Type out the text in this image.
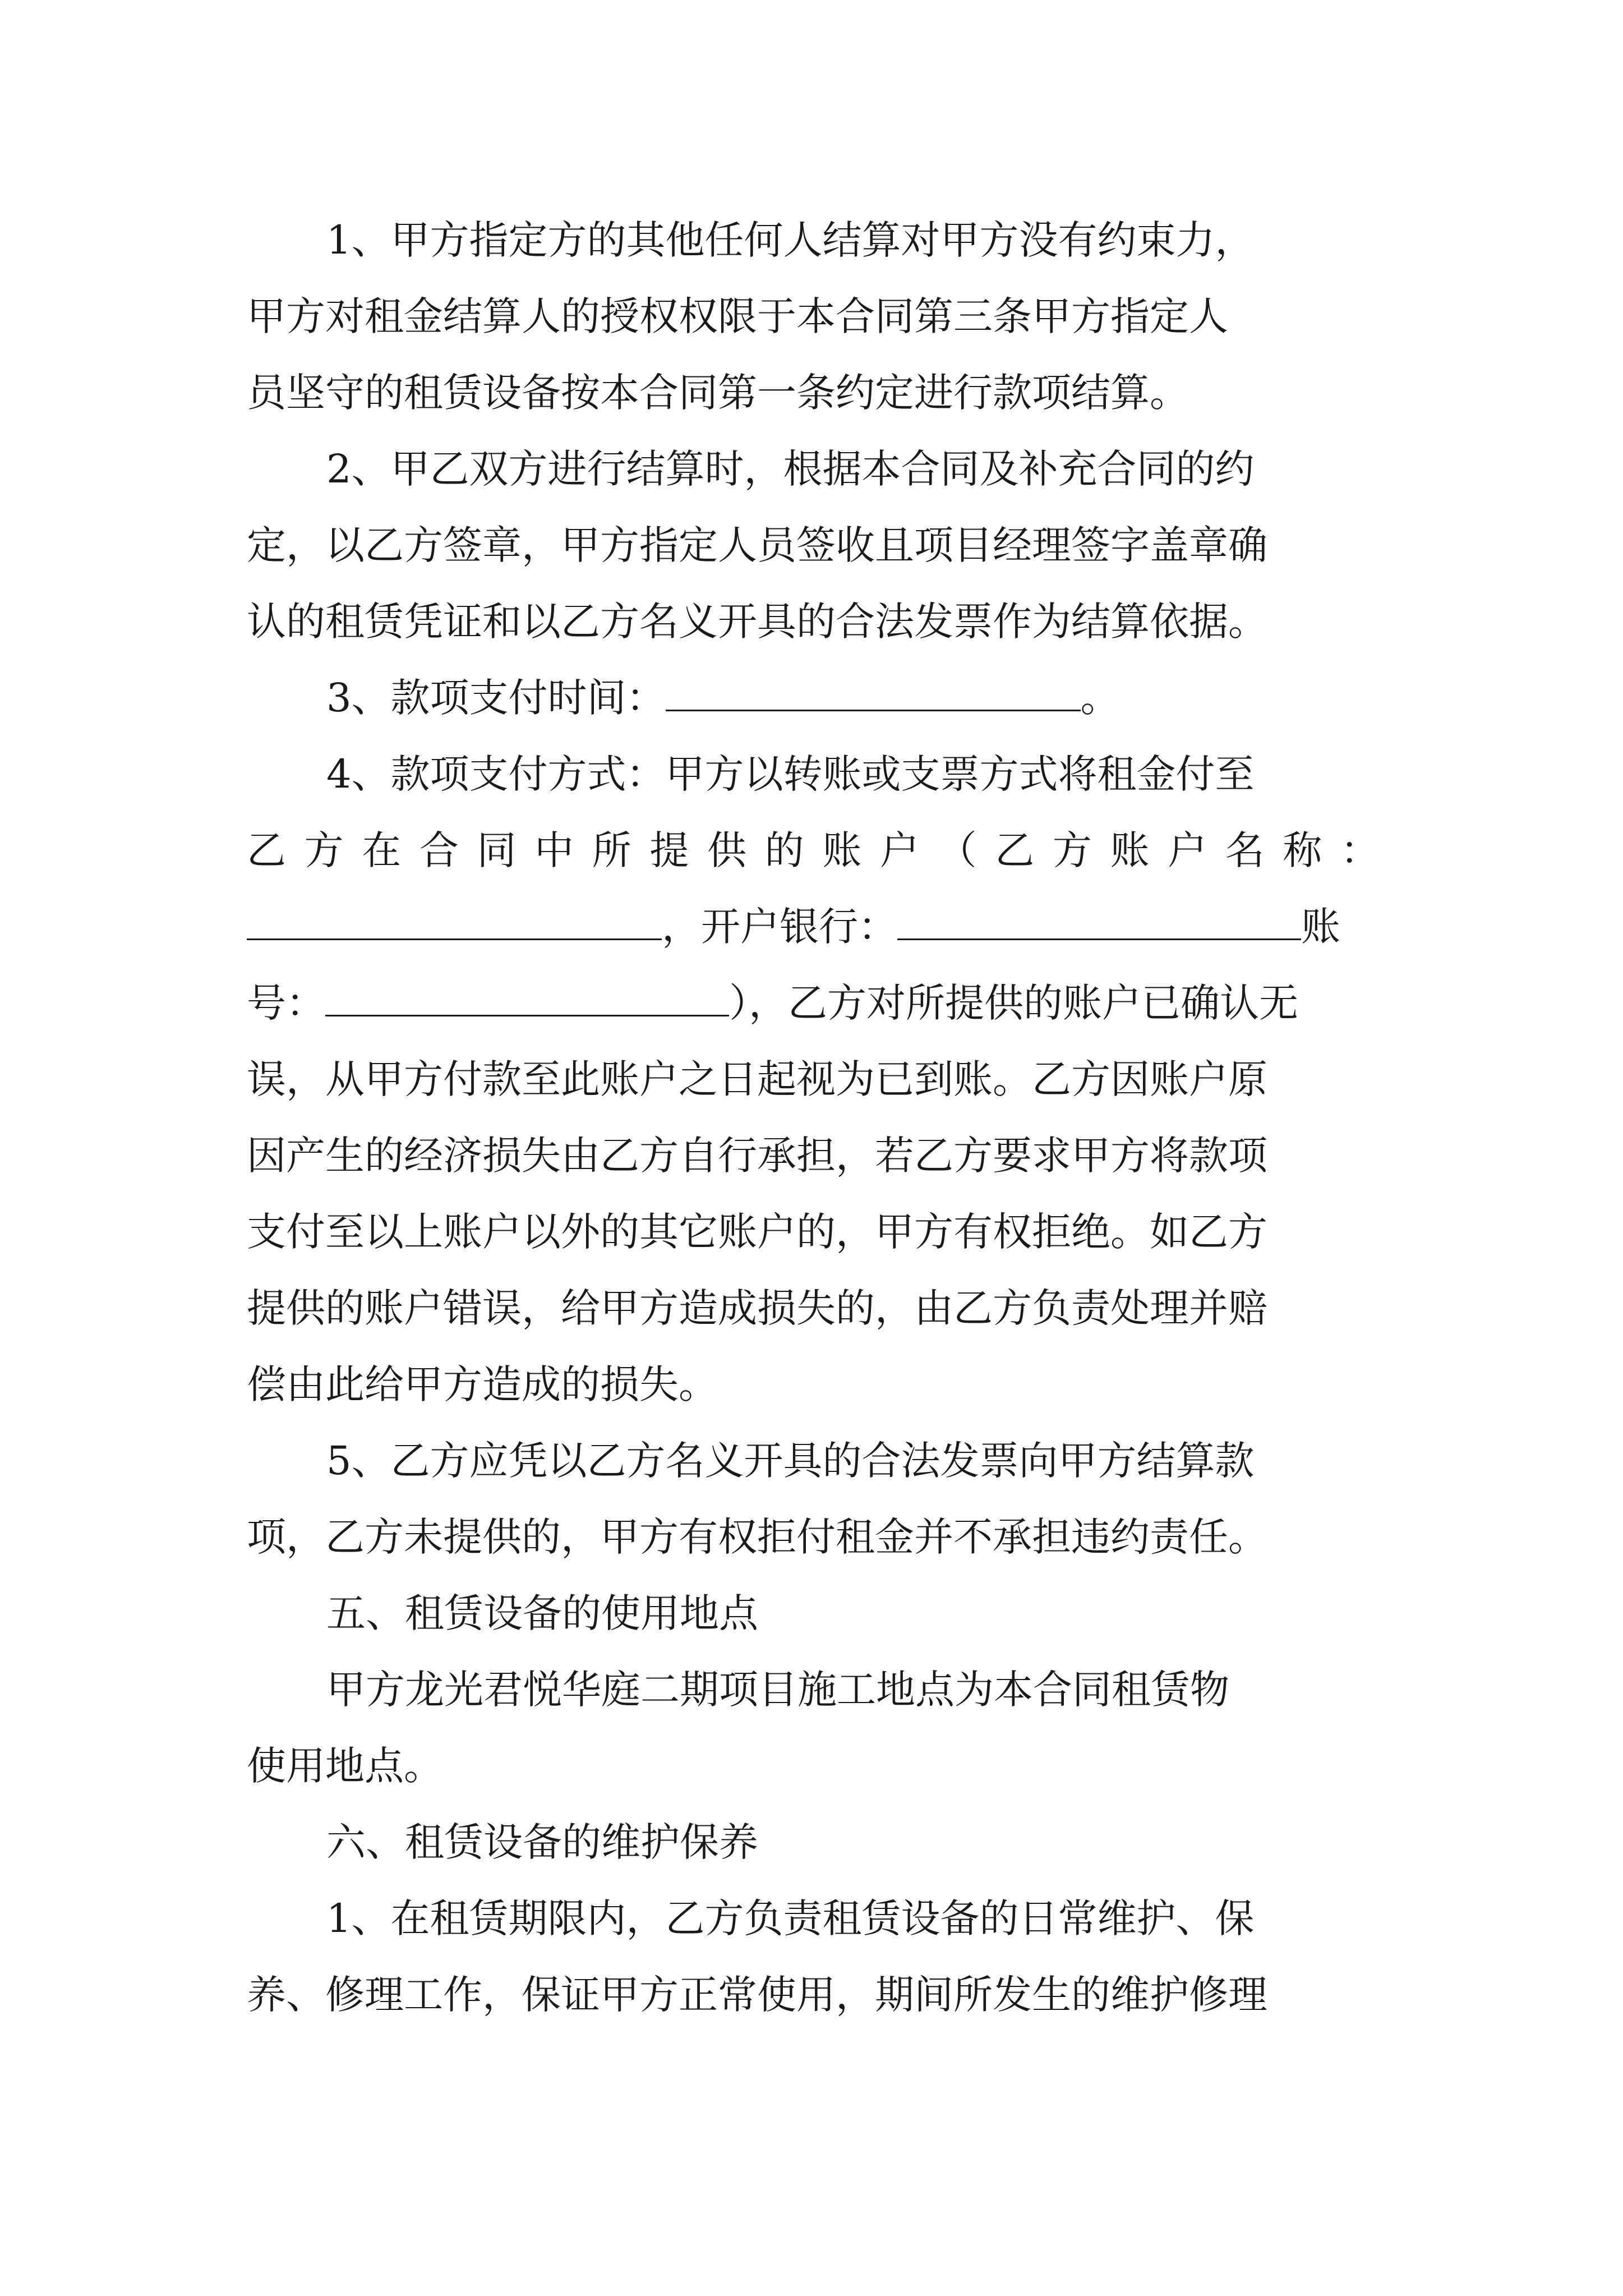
1、甲方指定方的其他任何人结算对甲方没有约束力，
甲方对租金结算人的授权权限于本合同第三条甲方指定人
员坚守的租赁设备按本合同第一条约定进行款项结算。
2、甲乙双方进行结算时，根据本合同及补充合同的约
定，以乙方签章，甲方指定人员签收且项目经理签字盖章确
认的租赁凭证和以乙方名义开具的合法发票作为结算依据。
3、款项支付时间：	。
4、款项支付方式：甲方以转账或支票方式将租金付至
乙方在合同中所提供的账户（乙方账户名称：
，开户银行：	账
号：	），乙方对所提供的账户已确认无
误，从甲方付款至此账户之日起视为已到账。乙方因账户原
因产生的经济损失由乙方自行承担，若乙方要求甲方将款项
支付至以上账户以外的其它账户的，甲方有权拒绝。如乙方
提供的账户错误，给甲方造成损失的，由乙方负责处理并赔
偿由此给甲方造成的损失。
5、乙方应凭以乙方名义开具的合法发票向甲方结算款
项，乙方未提供的，甲方有权拒付租金并不承担违约责任。
五、租赁设备的使用地点
甲方龙光君悦华庭二期项目施工地点为本合同租赁物
使用地点。
六、租赁设备的维护保养
1、在租赁期限内，乙方负责租赁设备的日常维护、保
养、修理工作，保证甲方正常使用，期间所发生的维护修理
